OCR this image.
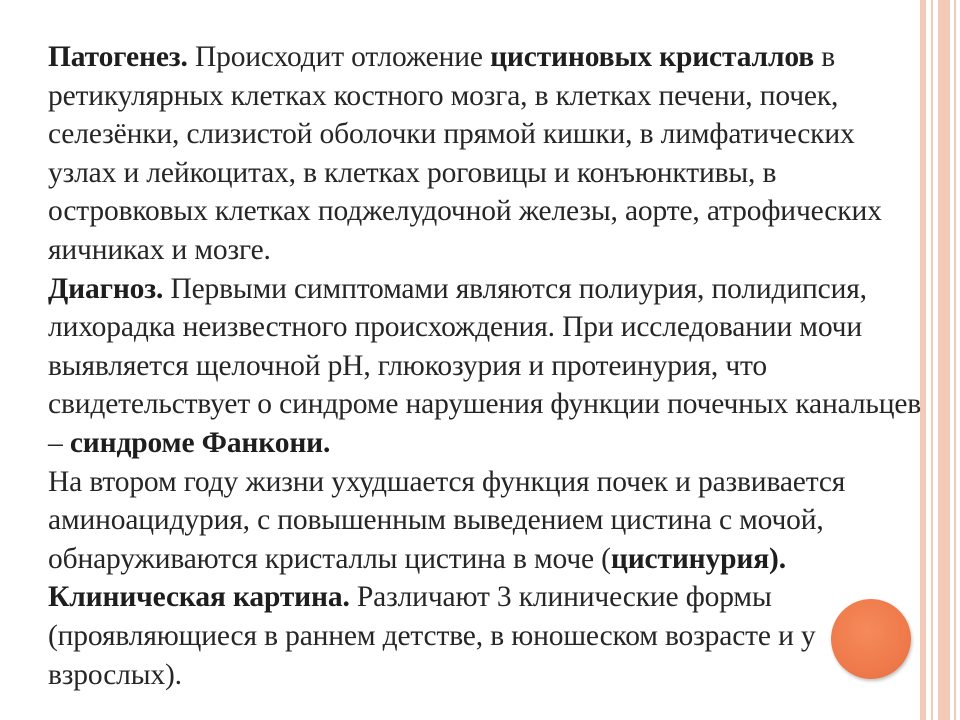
Патогенез. Происходит отложение цистиновых кристаллов в ретикулярных клетках костного мозга, в клетках печени, почек, селезёнки, слизистой оболочки прямой кишки, в лимфатических узлах и лейкоцитах, в клетках роговицы и конъюнктивы, в островковых клетках поджелудочной железы, аорте, атрофических яичниках и мозге.

Диагноз. Первыми симптомами являются полиурия, полидипсия, лихорадка неизвестного происхождения. При исследовании мочи выявляется щелочной рН, глюкозурия и протеинурия, что свидетельствует о синдроме нарушения функции почечных канальцев – синдроме Фанкони.

На втором году жизни ухудшается функция почек и развивается аминоацидурия, с повышенным выведением цистина с мочой, обнаруживаются кристаллы цистина в моче (цистинурия).

Клиническая картина. Различают 3 клинические формы (проявляющиеся в раннем детстве, в юношеском возрасте и у взрослых).
